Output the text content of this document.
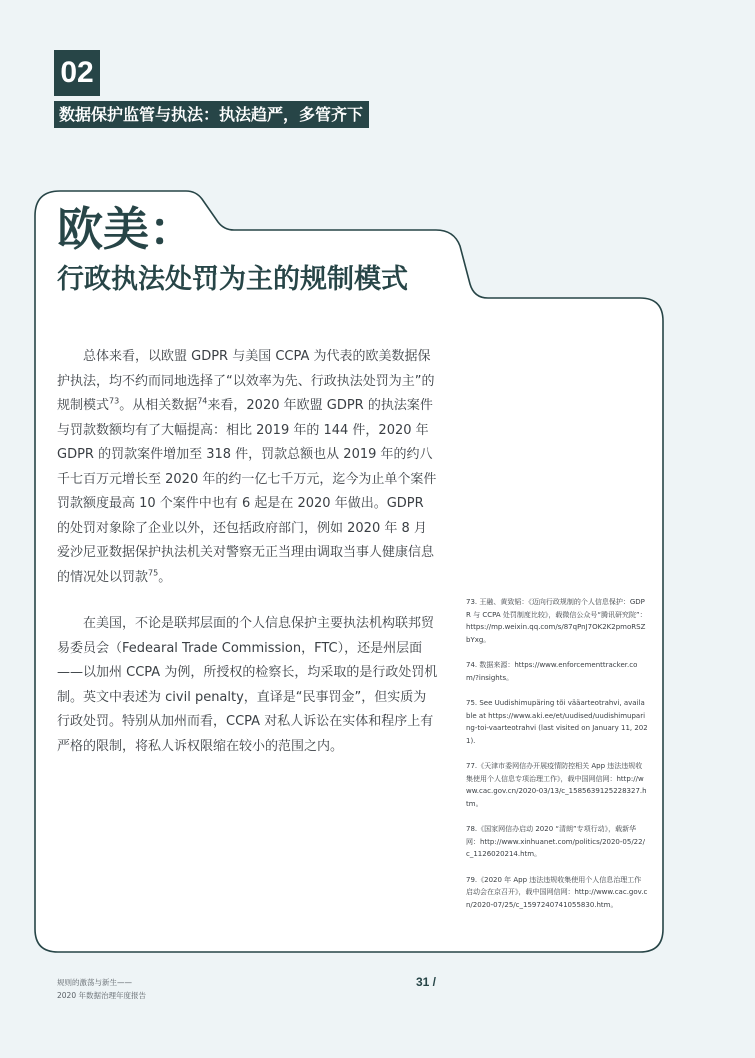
02
数据保护监管与执法：执法趋严，多管齐下
欧美：
行政执法处罚为主的规制模式

总体来看，以欧盟 GDPR 与美国 CCPA 为代表的欧美数据保护执法，均不约而同地选择了“以效率为先、行政执法处罚为主”的规制模式$^{73}$。从相关数据$^{74}$来看，2020 年欧盟 GDPR 的执法案件与罚款数额均有了大幅提高：相比 2019 年的 144 件，2020 年 GDPR 的罚款案件增加至 318 件，罚款总额也从 2019 年的约八千七百万元增长至 2020 年的约一亿七千万元，迄今为止单个案件罚款额度最高 10 个案件中也有 6 起是在 2020 年做出。GDPR 的处罚对象除了企业以外，还包括政府部门，例如 2020 年 8 月爱沙尼亚数据保护执法机关对警察无正当理由调取当事人健康信息的情况处以罚款$^{75}$。

在美国，不论是联邦层面的个人信息保护主要执法机构联邦贸易委员会（Fedearal Trade Commission，FTC），还是州层面——以加州 CCPA 为例，所授权的检察长，均采取的是行政处罚机制。英文中表述为 civil penalty，直译是“民事罚金”，但实质为行政处罚。特别从加州而看，CCPA 对私人诉讼在实体和程序上有严格的限制，将私人诉权限缩在较小的范围之内。

73. 王融、黄致韬：《迈向行政规制的个人信息保护：GDPR 与 CCPA 处罚制度比较》，载微信公众号“腾讯研究院”：https://mp.weixin.qq.com/s/87qPnJ7OK2K2pmoRSZbYxg。
74. 数据来源：https://www.enforcementtracker.com/?insights。
75. See Uudishimupäring tõi vääarteotrahvi, available at https://www.aki.ee/et/uudised/uudishimuparing-toi-vaarteotrahvi (last visited on January 11, 2021).
77.《天津市委网信办开展疫情防控相关 App 违法违规收集使用个人信息专项治理工作》，载中国网信网：http://www.cac.gov.cn/2020-03/13/c_1585639125228327.htm。
78.《国家网信办启动 2020 “清朗”专项行动》，载新华网：http://www.xinhuanet.com/politics/2020-05/22/c_1126020214.htm。
79.《2020 年 App 违法违规收集使用个人信息治理工作启动会在京召开》，载中国网信网：http://www.cac.gov.cn/2020-07/25/c_1597240741055830.htm。
规则的激荡与新生——
2020 年数据治理年度报告
31 /
